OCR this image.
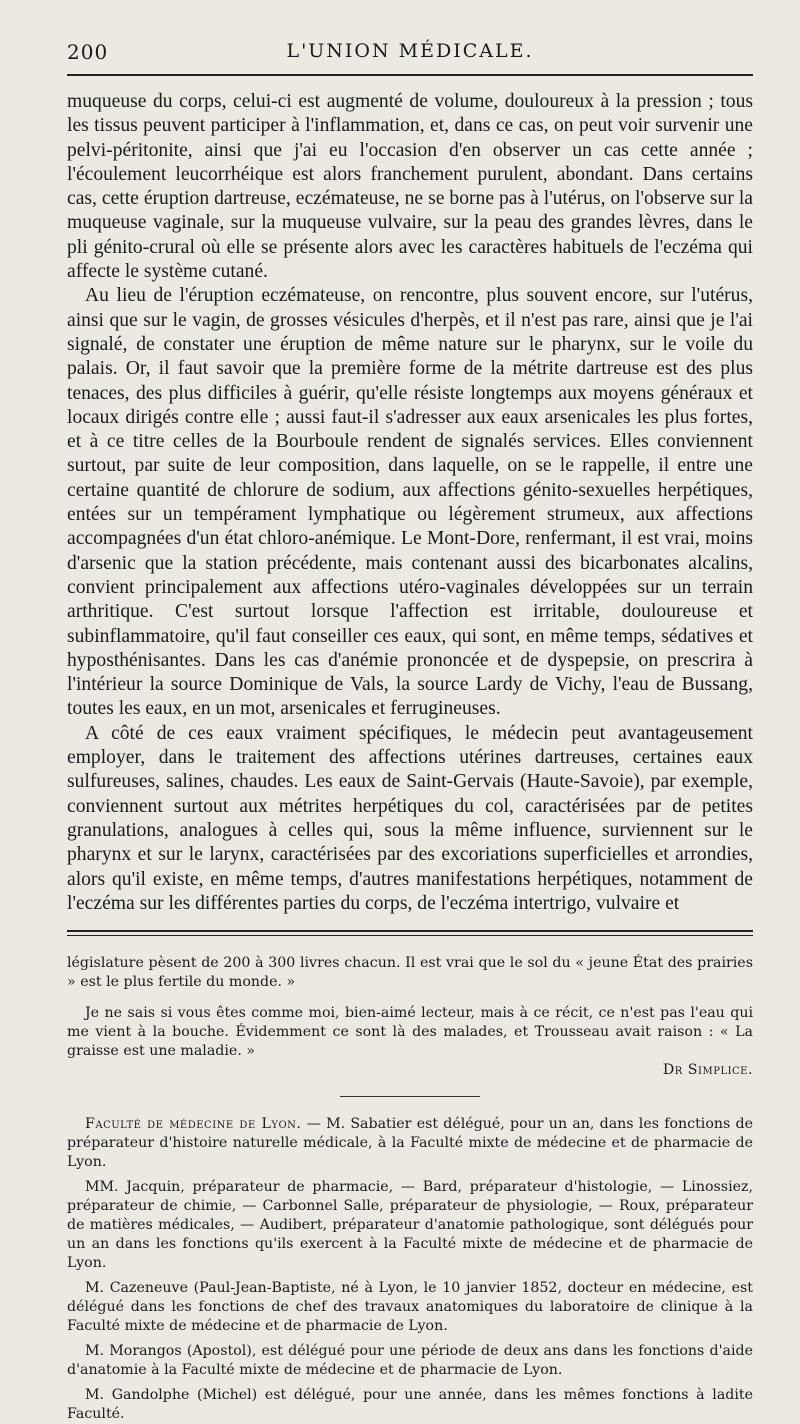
200	L'UNION MÉDICALE.

muqueuse du corps, celui-ci est augmenté de volume, douloureux à la pression ; tous les tissus peuvent participer à l'inflammation, et, dans ce cas, on peut voir survenir une pelvi-péritonite, ainsi que j'ai eu l'occasion d'en observer un cas cette année ; l'écoulement leucorrhéique est alors franchement purulent, abondant. Dans certains cas, cette éruption dartreuse, eczémateuse, ne se borne pas à l'utérus, on l'observe sur la muqueuse vaginale, sur la muqueuse vulvaire, sur la peau des grandes lèvres, dans le pli génito-crural où elle se présente alors avec les caractères habituels de l'eczéma qui affecte le système cutané.

Au lieu de l'éruption eczémateuse, on rencontre, plus souvent encore, sur l'utérus, ainsi que sur le vagin, de grosses vésicules d'herpès, et il n'est pas rare, ainsi que je l'ai signalé, de constater une éruption de même nature sur le pharynx, sur le voile du palais. Or, il faut savoir que la première forme de la métrite dartreuse est des plus tenaces, des plus difficiles à guérir, qu'elle résiste longtemps aux moyens généraux et locaux dirigés contre elle ; aussi faut-il s'adresser aux eaux arsenicales les plus fortes, et à ce titre celles de la Bourboule rendent de signalés services. Elles conviennent surtout, par suite de leur composition, dans laquelle, on se le rappelle, il entre une certaine quantité de chlorure de sodium, aux affections génito-sexuelles herpétiques, entées sur un tempérament lymphatique ou légèrement strumeux, aux affections accompagnées d'un état chloro-anémique. Le Mont-Dore, renfermant, il est vrai, moins d'arsenic que la station précédente, mais contenant aussi des bicarbonates alcalins, convient principalement aux affections utéro-vaginales développées sur un terrain arthritique. C'est surtout lorsque l'affection est irritable, douloureuse et subinflammatoire, qu'il faut conseiller ces eaux, qui sont, en même temps, sédatives et hyposthénisantes. Dans les cas d'anémie prononcée et de dyspepsie, on prescrira à l'intérieur la source Dominique de Vals, la source Lardy de Vichy, l'eau de Bussang, toutes les eaux, en un mot, arsenicales et ferrugineuses.

A côté de ces eaux vraiment spécifiques, le médecin peut avantageusement employer, dans le traitement des affections utérines dartreuses, certaines eaux sulfureuses, salines, chaudes. Les eaux de Saint-Gervais (Haute-Savoie), par exemple, conviennent surtout aux métrites herpétiques du col, caractérisées par de petites granulations, analogues à celles qui, sous la même influence, surviennent sur le pharynx et sur le larynx, caractérisées par des excoriations superficielles et arrondies, alors qu'il existe, en même temps, d'autres manifestations herpétiques, notamment de l'eczéma sur les différentes parties du corps, de l'eczéma intertrigo, vulvaire et

législature pèsent de 200 à 300 livres chacun. Il est vrai que le sol du « jeune État des prairies » est le plus fertile du monde. »

Je ne sais si vous êtes comme moi, bien-aimé lecteur, mais à ce récit, ce n'est pas l'eau qui me vient à la bouche. Évidemment ce sont là des malades, et Trousseau avait raison : « La graisse est une maladie. »

Dr Simplice.

Faculté de médecine de Lyon. — M. Sabatier est délégué, pour un an, dans les fonctions de préparateur d'histoire naturelle médicale, à la Faculté mixte de médecine et de pharmacie de Lyon.

MM. Jacquin, préparateur de pharmacie, — Bard, préparateur d'histologie, — Linossiez, préparateur de chimie, — Carbonnel Salle, préparateur de physiologie, — Roux, préparateur de matières médicales, — Audibert, préparateur d'anatomie pathologique, sont délégués pour un an dans les fonctions qu'ils exercent à la Faculté mixte de médecine et de pharmacie de Lyon.

M. Cazeneuve (Paul-Jean-Baptiste, né à Lyon, le 10 janvier 1852, docteur en médecine, est délégué dans les fonctions de chef des travaux anatomiques du laboratoire de clinique à la Faculté mixte de médecine et de pharmacie de Lyon.

M. Morangos (Apostol), est délégué pour une période de deux ans dans les fonctions d'aide d'anatomie à la Faculté mixte de médecine et de pharmacie de Lyon.

M. Gandolphe (Michel) est délégué, pour une année, dans les mêmes fonctions à ladite Faculté.
